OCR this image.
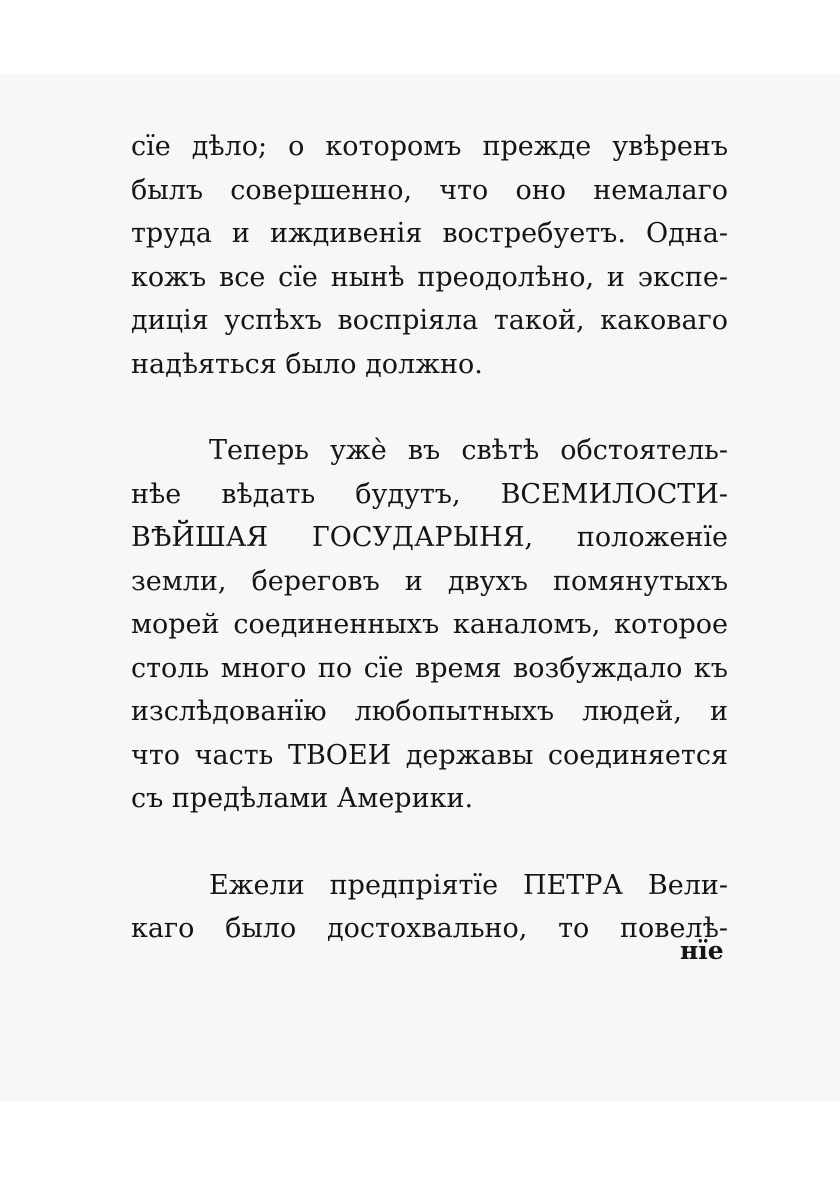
сїе дѣло; о которомъ прежде увѣренъ
былъ совершенно, что оно немалаго
труда и иждивенія востребуетъ. Одна-
кожъ все сїе нынѣ преодолѣно, и экспе-
диція успѣхъ воспріяла такой, каковаго
надѣяться было должно.

Теперь ужѐ въ свѣтѣ обстоятель-
нѣе вѣдать будутъ, ВСЕМИЛОСТИ-
ВѢЙШАЯ ГОСУДАРЫНЯ, положенїе
земли, береговъ и двухъ помянутыхъ
морей соединенныхъ каналомъ, которое
столь много по сїе время возбуждало къ
изслѣдованїю любопытныхъ людей, и
что часть ТВОЕИ державы соединяется
съ предѣлами Америки.

Ежели предпріятїе ПЕТРА Вели-
каго было достохвально, то повелѣ-

нїе
